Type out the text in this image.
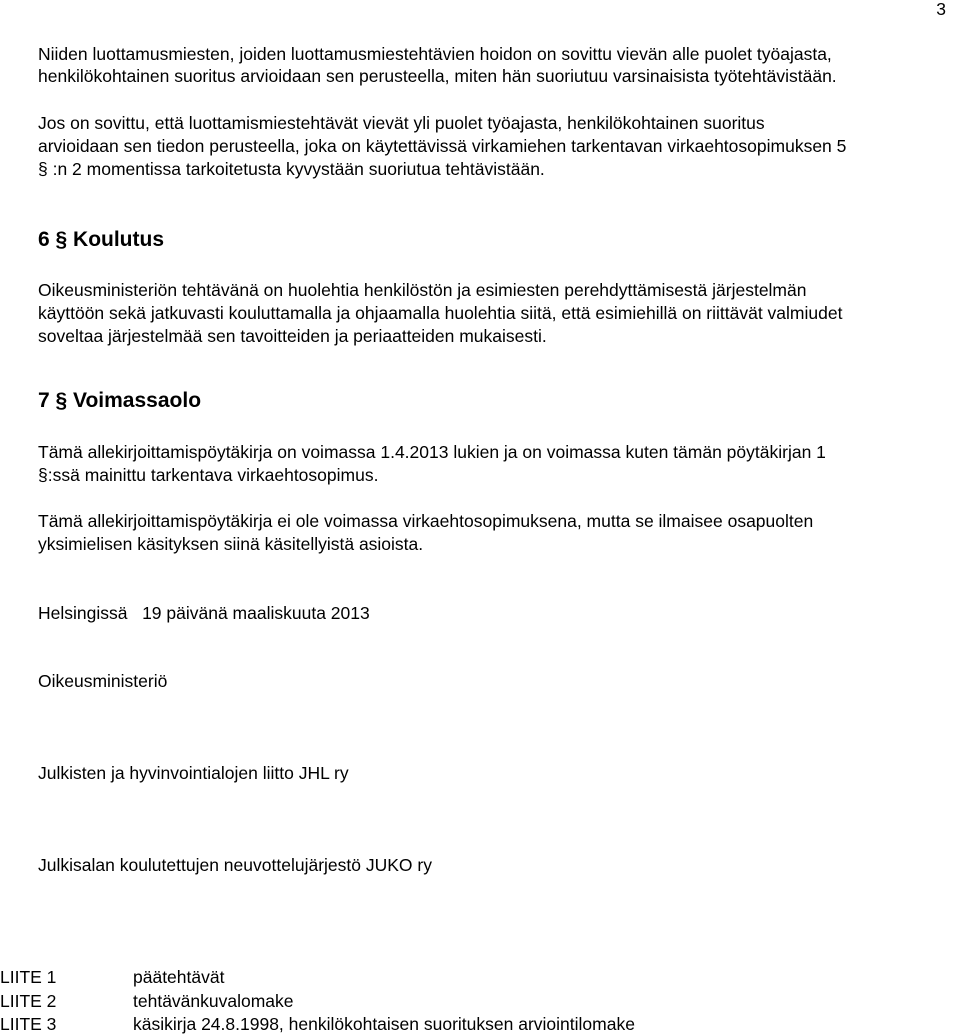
3
Niiden luottamusmiesten, joiden luottamusmiestehtävien hoidon on sovittu vievän alle puolet työajasta,
henkilökohtainen suoritus arvioidaan sen perusteella, miten hän suoriutuu varsinaisista työtehtävistään.
Jos on sovittu, että luottamismiestehtävät vievät yli puolet työajasta, henkilökohtainen suoritus
arvioidaan sen tiedon perusteella, joka on käytettävissä virkamiehen tarkentavan virkaehtosopimuksen 5
§ :n 2 momentissa tarkoitetusta kyvystään suoriutua tehtävistään.
6 § Koulutus
Oikeusministeriön tehtävänä on huolehtia henkilöstön ja esimiesten perehdyttämisestä järjestelmän
käyttöön sekä jatkuvasti kouluttamalla ja ohjaamalla huolehtia siitä, että esimiehillä on riittävät valmiudet
soveltaa järjestelmää sen tavoitteiden ja periaatteiden mukaisesti.
7 § Voimassaolo
Tämä allekirjoittamispöytäkirja on voimassa 1.4.2013 lukien ja on voimassa kuten tämän pöytäkirjan 1
§:ssä mainittu tarkentava virkaehtosopimus.
Tämä allekirjoittamispöytäkirja ei ole voimassa virkaehtosopimuksena, mutta se ilmaisee osapuolten
yksimielisen käsityksen siinä käsitellyistä asioista.
Helsingissä   19 päivänä maaliskuuta 2013
Oikeusministeriö
Julkisten ja hyvinvointialojen liitto JHL ry
Julkisalan koulutettujen neuvottelujärjestö JUKO ry
LIITE 1	päätehtävät
LIITE 2	tehtävänkuvalomake
LIITE 3	käsikirja 24.8.1998, henkilökohtaisen suorituksen arviointilomake
